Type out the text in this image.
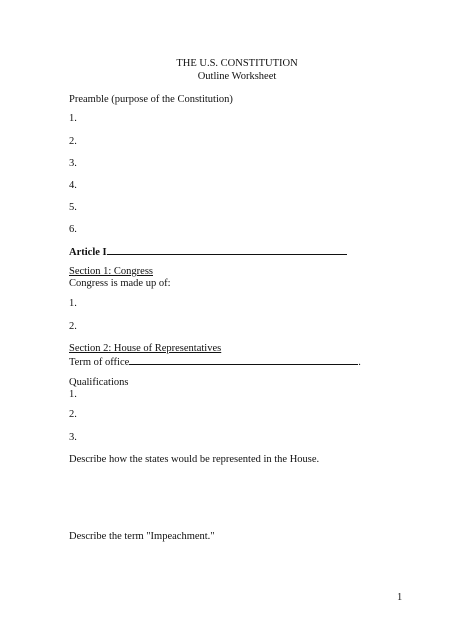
THE U.S. CONSTITUTION
Outline Worksheet
Preamble (purpose of the Constitution)
1.
2.
3.
4.
5.
6.
Article I
Section 1: Congress
Congress is made up of:
1.
2.
Section 2: House of Representatives
Term of office	.
Qualifications
1.
2.
3.
Describe how the states would be represented in the House.
Describe the term "Impeachment."
1
